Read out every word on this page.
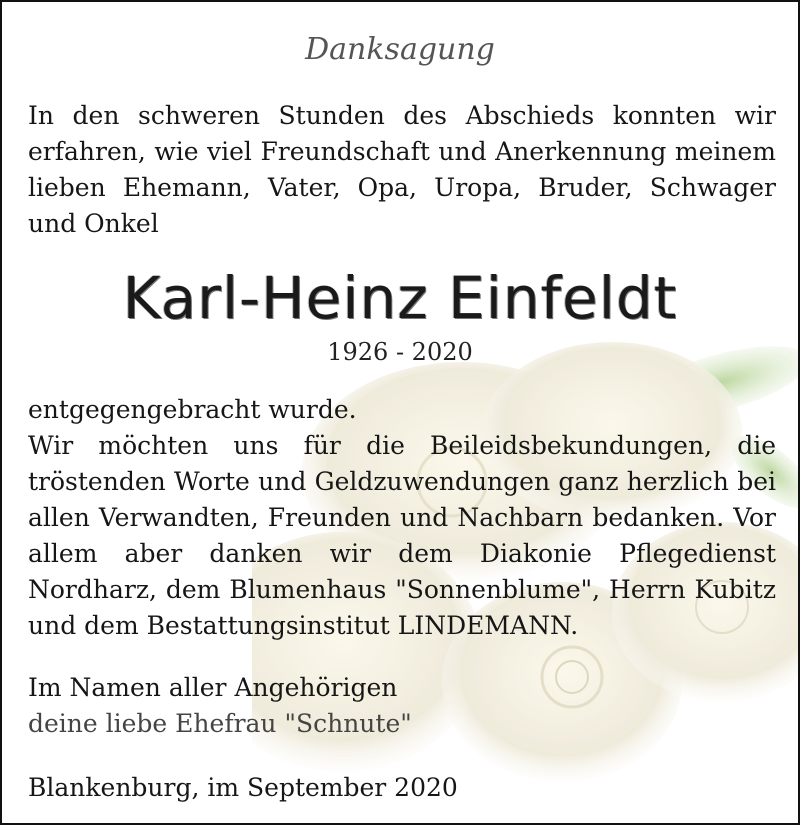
Danksagung
In den schweren Stunden des Abschieds konnten wir erfahren, wie viel Freundschaft und Anerkennung meinem lieben Ehemann, Vater, Opa, Uropa, Bruder, Schwager und Onkel
Karl-Heinz Einfeldt
1926 - 2020
entgegengebracht wurde.
Wir möchten uns für die Beileidsbekundungen, die tröstenden Worte und Geldzuwendungen ganz herzlich bei allen Verwandten, Freunden und Nachbarn bedanken. Vor allem aber danken wir dem Diakonie Pflegedienst Nordharz, dem Blumenhaus "Sonnenblume", Herrn Kubitz und dem Bestattungsinstitut LINDEMANN.
Im Namen aller Angehörigen
deine liebe Ehefrau "Schnute"
Blankenburg, im September 2020
